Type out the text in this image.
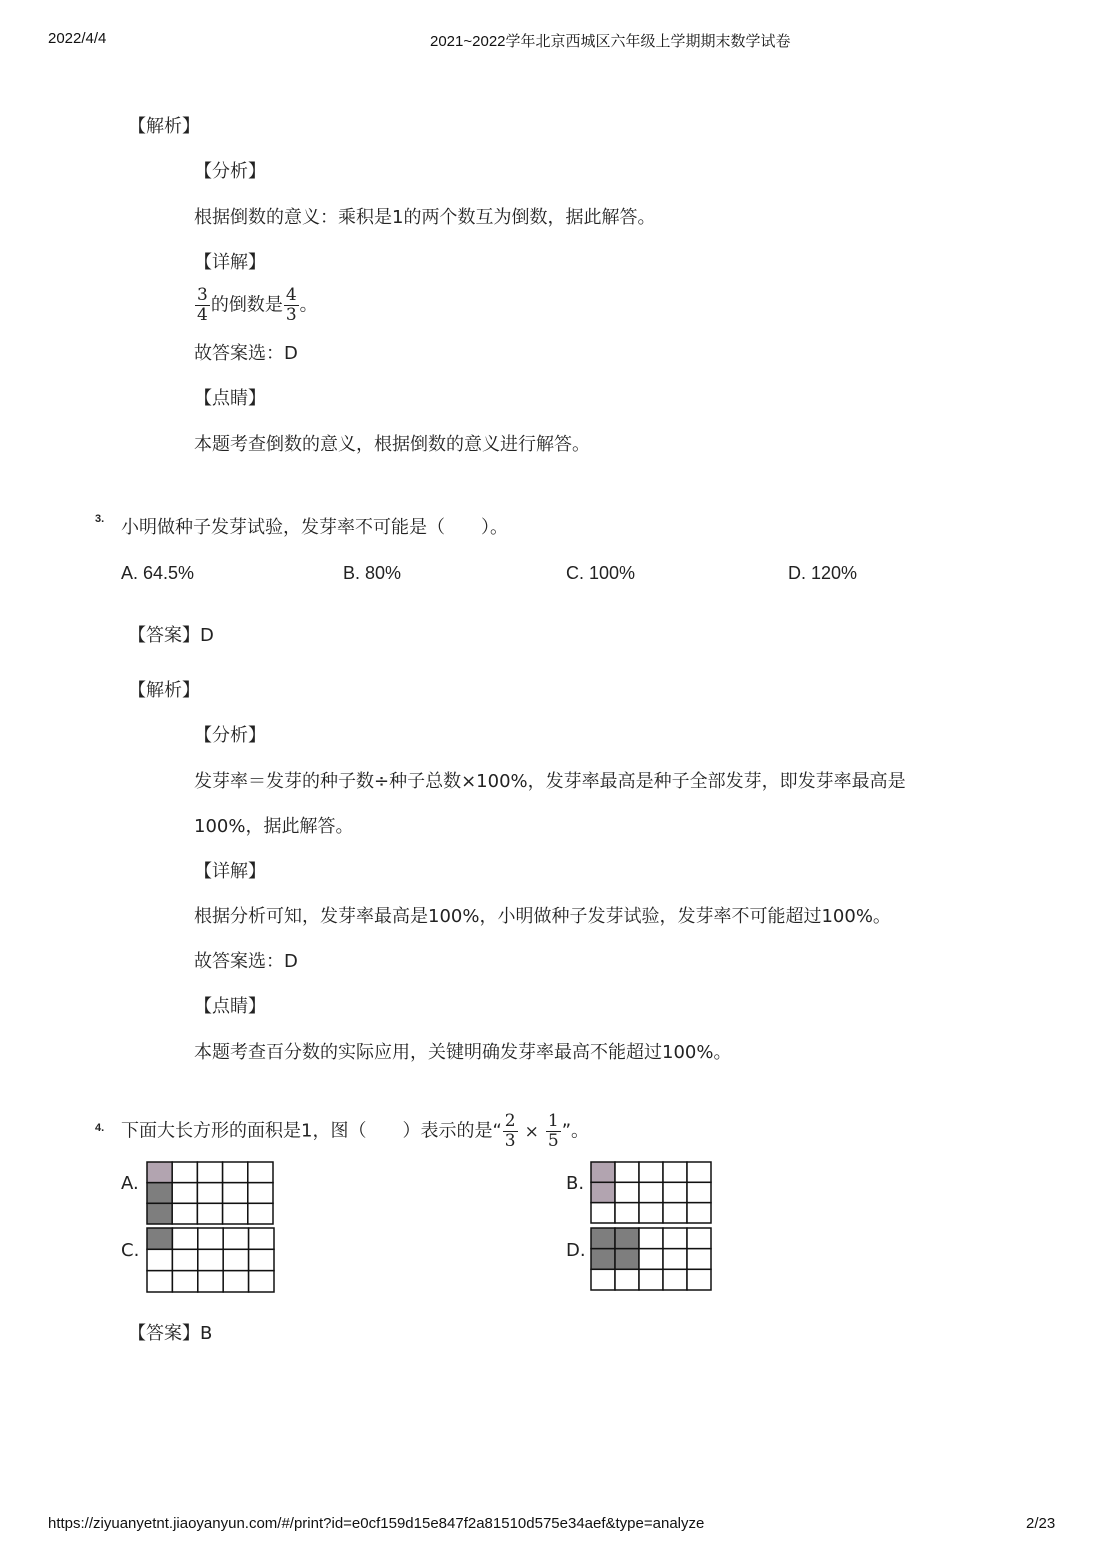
2022/4/4	2021~2022学年北京西城区六年级上学期期末数学试卷
【解析】
【分析】
根据倒数的意义：乘积是1的两个数互为倒数，据此解答。
【详解】
$\frac{3}{4}$ 的倒数是 $\frac{4}{3}$ 。
故答案选：D
【点睛】
本题考查倒数的意义，根据倒数的意义进行解答。
3. 小明做种子发芽试验，发芽率不可能是（　　）。
A. 64.5%	B. 80%	C. 100%	D. 120%
【答案】D
【解析】
【分析】
发芽率＝发芽的种子数÷种子总数×100%，发芽率最高是种子全部发芽，即发芽率最高是
100%，据此解答。
【详解】
根据分析可知，发芽率最高是100%，小明做种子发芽试验，发芽率不可能超过100%。
故答案选：D
【点睛】
本题考查百分数的实际应用，关键明确发芽率最高不能超过100%。
4. 下面大长方形的面积是1，图（　　）表示的是“ $\frac{2}{3} \times \frac{1}{5}$ ”。
A.	B.
C.	D.
【答案】B
https://ziyuanyetnt.jiaoyanyun.com/#/print?id=e0cf159d15e847f2a81510d575e34aef&type=analyze	2/23
